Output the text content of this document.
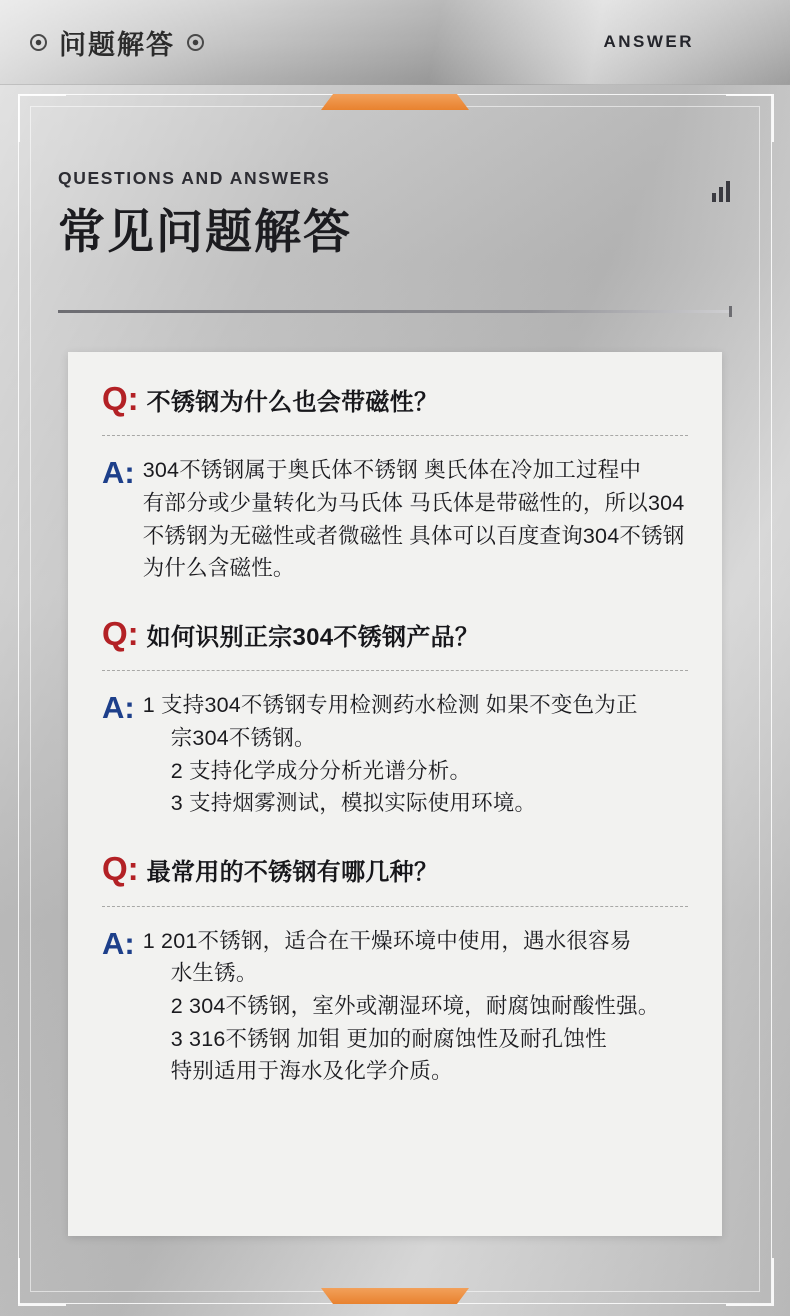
问题解答	ANSWER
QUESTIONS AND ANSWERS
常见问题解答
Q: 不锈钢为什么也会带磁性？
A: 304不锈钢属于奥氏体不锈钢 奥氏体在冷加工过程中
有部分或少量转化为马氏体 马氏体是带磁性的，所以304
不锈钢为无磁性或者微磁性 具体可以百度查询304不锈钢
为什么含磁性。
Q: 如何识别正宗304不锈钢产品？
A: 1 支持304不锈钢专用检测药水检测 如果不变色为正
宗304不锈钢。
2 支持化学成分分析光谱分析。
3 支持烟雾测试，模拟实际使用环境。
Q: 最常用的不锈钢有哪几种？
A: 1 201不锈钢，适合在干燥环境中使用，遇水很容易
水生锈。
2 304不锈钢，室外或潮湿环境，耐腐蚀耐酸性强。
3 316不锈钢 加钼 更加的耐腐蚀性及耐孔蚀性
特别适用于海水及化学介质。
